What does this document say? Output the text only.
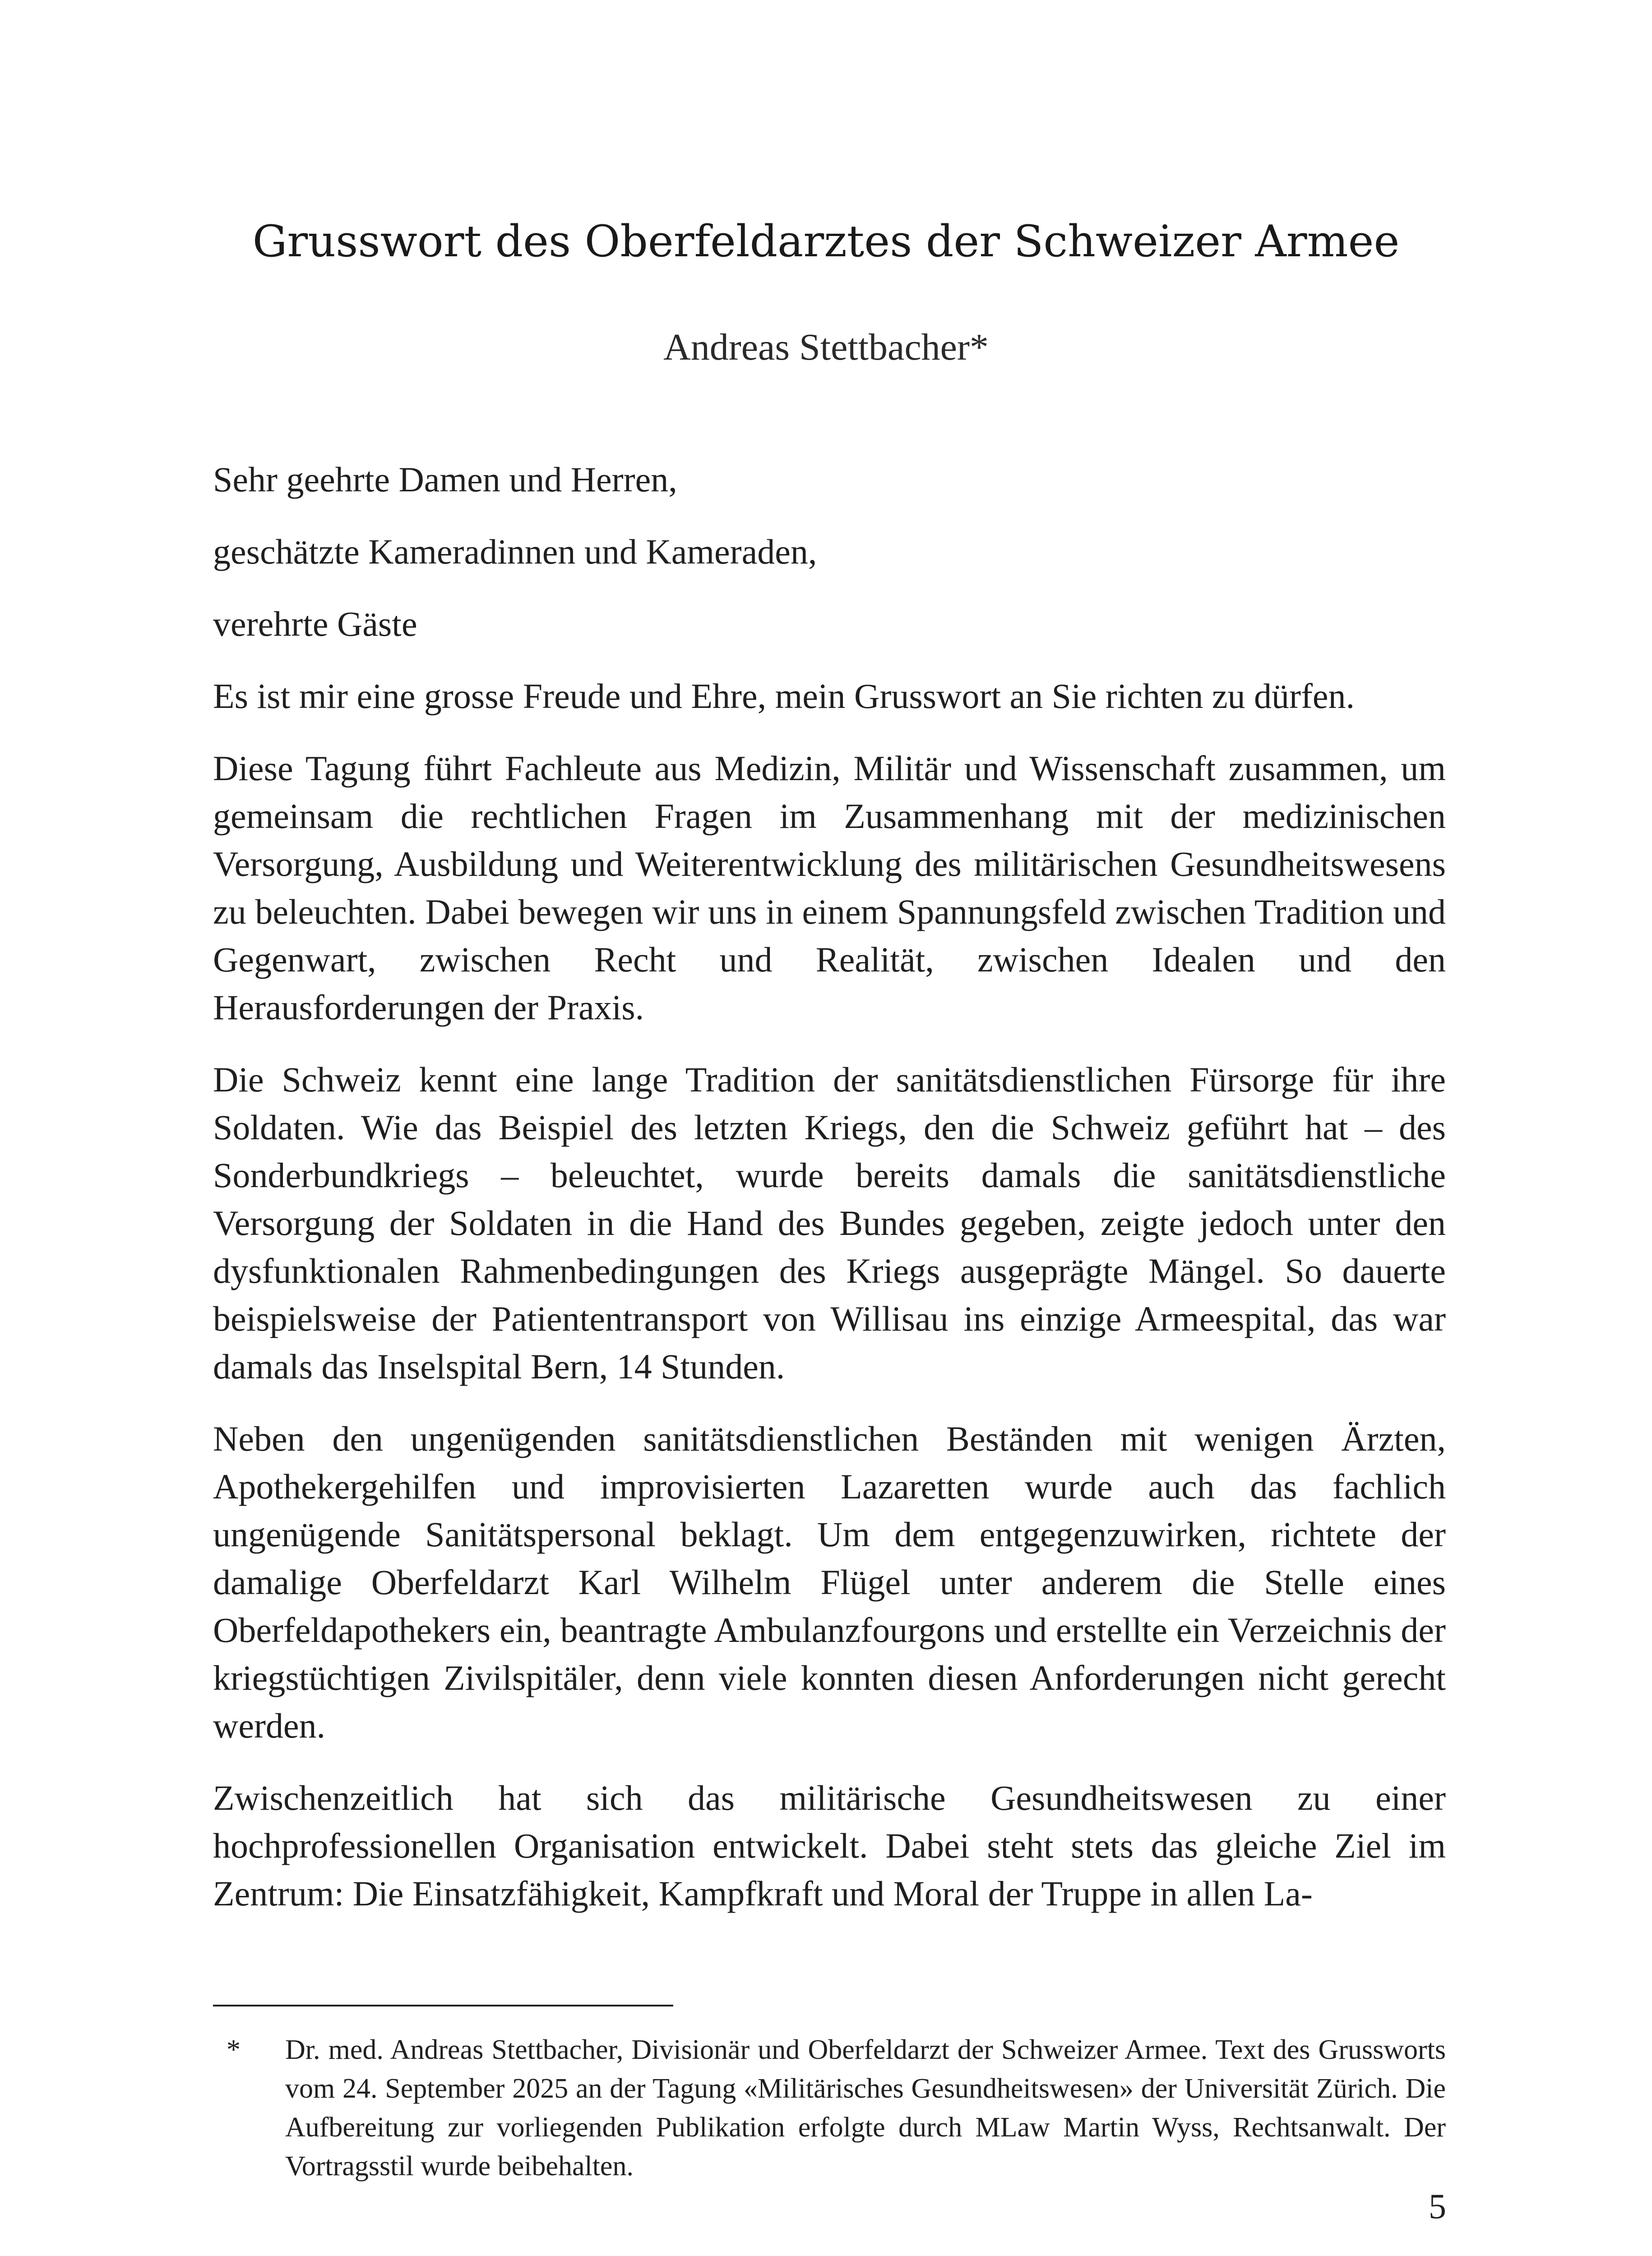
Grusswort des Oberfeldarztes der Schweizer Armee
Andreas Stettbacher*

Sehr geehrte Damen und Herren,

geschätzte Kameradinnen und Kameraden,

verehrte Gäste

Es ist mir eine grosse Freude und Ehre, mein Grusswort an Sie richten zu dürfen.

Diese Tagung führt Fachleute aus Medizin, Militär und Wissenschaft zusammen, um gemeinsam die rechtlichen Fragen im Zusammenhang mit der medizinischen Versorgung, Ausbildung und Weiterentwicklung des militärischen Gesundheitswesens zu beleuchten. Dabei bewegen wir uns in einem Spannungsfeld zwischen Tradition und Gegenwart, zwischen Recht und Realität, zwischen Idealen und den Herausforderungen der Praxis.

Die Schweiz kennt eine lange Tradition der sanitätsdienstlichen Fürsorge für ihre Soldaten. Wie das Beispiel des letzten Kriegs, den die Schweiz geführt hat – des Sonderbundkriegs – beleuchtet, wurde bereits damals die sanitätsdienstliche Versorgung der Soldaten in die Hand des Bundes gegeben, zeigte jedoch unter den dysfunktionalen Rahmenbedingungen des Kriegs ausgeprägte Mängel. So dauerte beispielsweise der Patiententransport von Willisau ins einzige Armeespital, das war damals das Inselspital Bern, 14 Stunden.

Neben den ungenügenden sanitätsdienstlichen Beständen mit wenigen Ärzten, Apothekergehilfen und improvisierten Lazaretten wurde auch das fachlich ungenügende Sanitätspersonal beklagt. Um dem entgegenzuwirken, richtete der damalige Oberfeldarzt Karl Wilhelm Flügel unter anderem die Stelle eines Oberfeldapothekers ein, beantragte Ambulanzfourgons und erstellte ein Verzeichnis der kriegstüchtigen Zivilspitäler, denn viele konnten diesen Anforderungen nicht gerecht werden.

Zwischenzeitlich hat sich das militärische Gesundheitswesen zu einer hochprofessionellen Organisation entwickelt. Dabei steht stets das gleiche Ziel im Zentrum: Die Einsatzfähigkeit, Kampfkraft und Moral der Truppe in allen La-

* Dr. med. Andreas Stettbacher, Divisionär und Oberfeldarzt der Schweizer Armee. Text des Grussworts vom 24. September 2025 an der Tagung «Militärisches Gesundheitswesen» der Universität Zürich. Die Aufbereitung zur vorliegenden Publikation erfolgte durch MLaw Martin Wyss, Rechtsanwalt. Der Vortragsstil wurde beibehalten.
5
